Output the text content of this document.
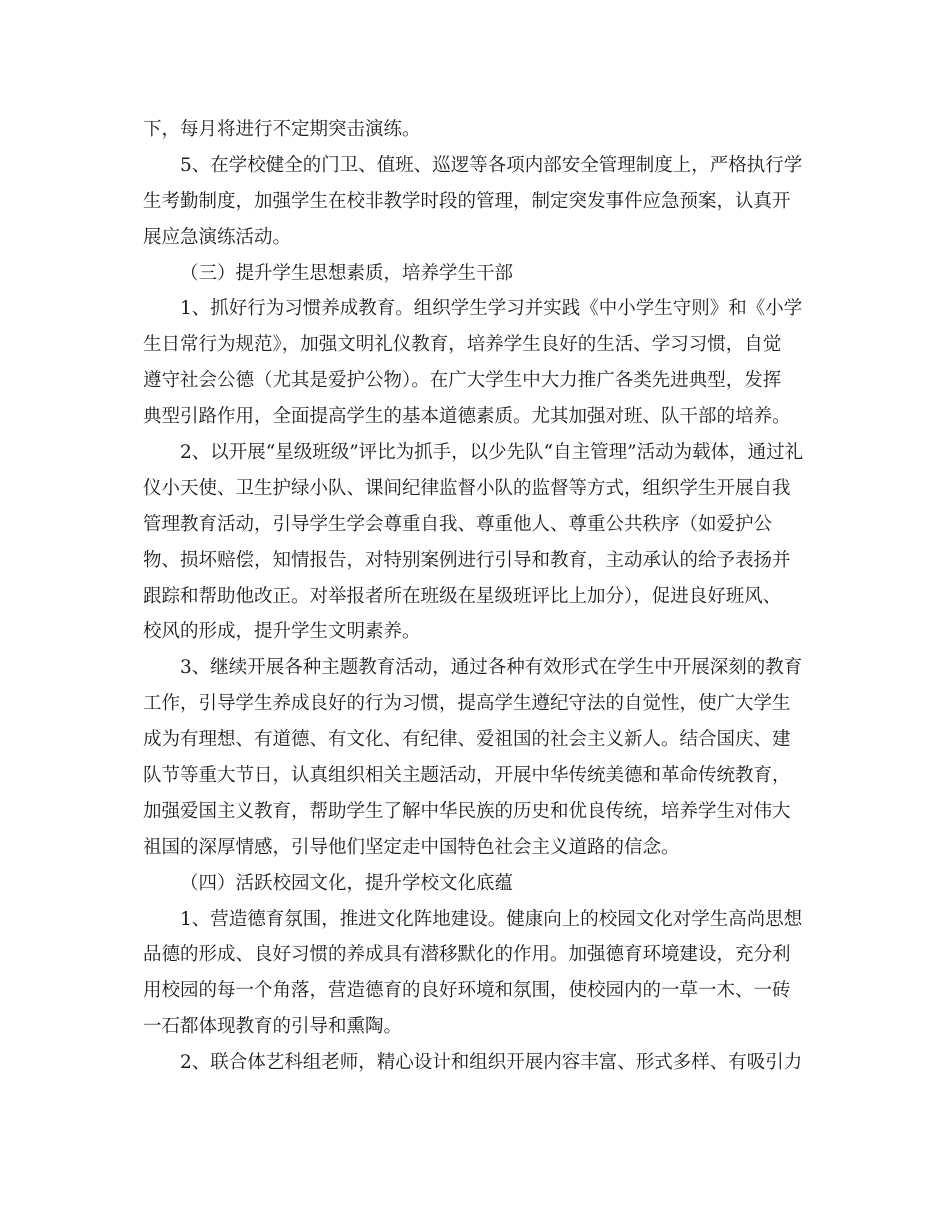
下，每月将进行不定期突击演练。
5、在学校健全的门卫、值班、巡逻等各项内部安全管理制度上，严格执行学
生考勤制度，加强学生在校非教学时段的管理，制定突发事件应急预案，认真开
展应急演练活动。
（三）提升学生思想素质，培养学生干部
1、抓好行为习惯养成教育。组织学生学习并实践《中小学生守则》和《小学
生日常行为规范》，加强文明礼仪教育，培养学生良好的生活、学习习惯，自觉
遵守社会公德（尤其是爱护公物）。在广大学生中大力推广各类先进典型，发挥
典型引路作用，全面提高学生的基本道德素质。尤其加强对班、队干部的培养。
2、以开展“星级班级”评比为抓手，以少先队“自主管理”活动为载体，通过礼
仪小天使、卫生护绿小队、课间纪律监督小队的监督等方式，组织学生开展自我
管理教育活动，引导学生学会尊重自我、尊重他人、尊重公共秩序（如爱护公
物、损坏赔偿，知情报告，对特别案例进行引导和教育，主动承认的给予表扬并
跟踪和帮助他改正。对举报者所在班级在星级班评比上加分），促进良好班风、
校风的形成，提升学生文明素养。
3、继续开展各种主题教育活动，通过各种有效形式在学生中开展深刻的教育
工作，引导学生养成良好的行为习惯，提高学生遵纪守法的自觉性，使广大学生
成为有理想、有道德、有文化、有纪律、爱祖国的社会主义新人。结合国庆、建
队节等重大节日，认真组织相关主题活动，开展中华传统美德和革命传统教育，
加强爱国主义教育，帮助学生了解中华民族的历史和优良传统，培养学生对伟大
祖国的深厚情感，引导他们坚定走中国特色社会主义道路的信念。
（四）活跃校园文化，提升学校文化底蕴
1、营造德育氛围，推进文化阵地建设。健康向上的校园文化对学生高尚思想
品德的形成、良好习惯的养成具有潜移默化的作用。加强德育环境建设，充分利
用校园的每一个角落，营造德育的良好环境和氛围，使校园内的一草一木、一砖
一石都体现教育的引导和熏陶。
2、联合体艺科组老师，精心设计和组织开展内容丰富、形式多样、有吸引力
